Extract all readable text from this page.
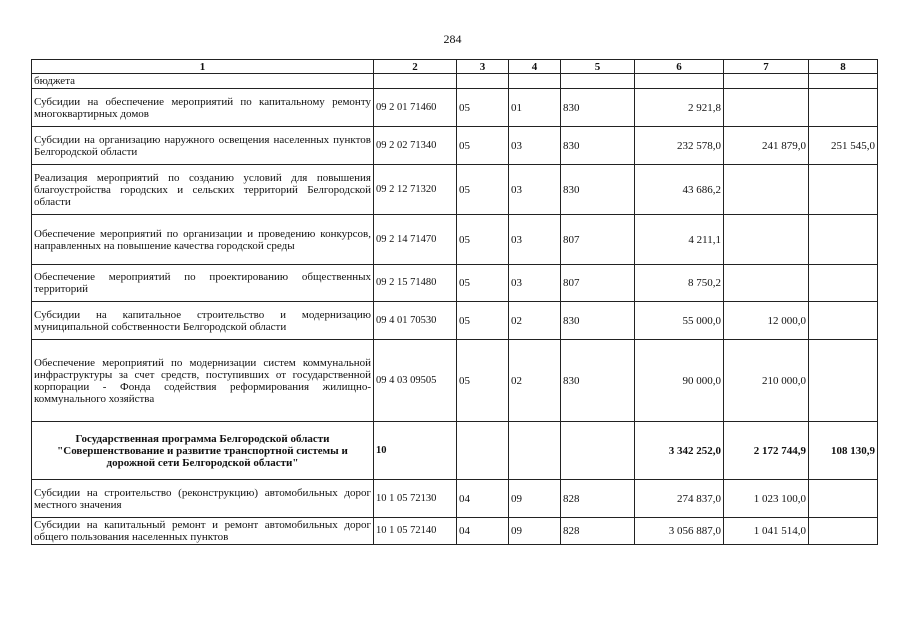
284
1	2	3	4	5	6	7	8
бюджета							
Субсидии на обеспечение мероприятий по капитальному ремонту многоквартирных домов	09 2 01 71460	05	01	830	2 921,8		
Субсидии на организацию наружного освещения населенных пунктов Белгородской области	09 2 02 71340	05	03	830	232 578,0	241 879,0	251 545,0
Реализация мероприятий по созданию условий для повышения благоустройства городских и сельских территорий Белгородской области	09 2 12 71320	05	03	830	43 686,2		
Обеспечение мероприятий по организации и проведению конкурсов, направленных на повышение качества городской среды	09 2 14 71470	05	03	807	4 211,1		
Обеспечение мероприятий по проектированию общественных территорий	09 2 15 71480	05	03	807	8 750,2		
Субсидии на капитальное строительство и модернизацию муниципальной собственности Белгородской области	09 4 01 70530	05	02	830	55 000,0	12 000,0	
Обеспечение мероприятий по модернизации систем коммунальной инфраструктуры за счет средств, поступивших от государственной корпорации - Фонда содействия реформирования жилищно-коммунального хозяйства	09 4 03 09505	05	02	830	90 000,0	210 000,0	
Государственная программа Белгородской области "Совершенствование и развитие транспортной системы и дорожной сети Белгородской области"	10				3 342 252,0	2 172 744,9	108 130,9
Субсидии на строительство (реконструкцию) автомобильных дорог местного значения	10 1 05 72130	04	09	828	274 837,0	1 023 100,0	
Субсидии на капитальный ремонт и ремонт автомобильных дорог общего пользования населенных пунктов	10 1 05 72140	04	09	828	3 056 887,0	1 041 514,0	
